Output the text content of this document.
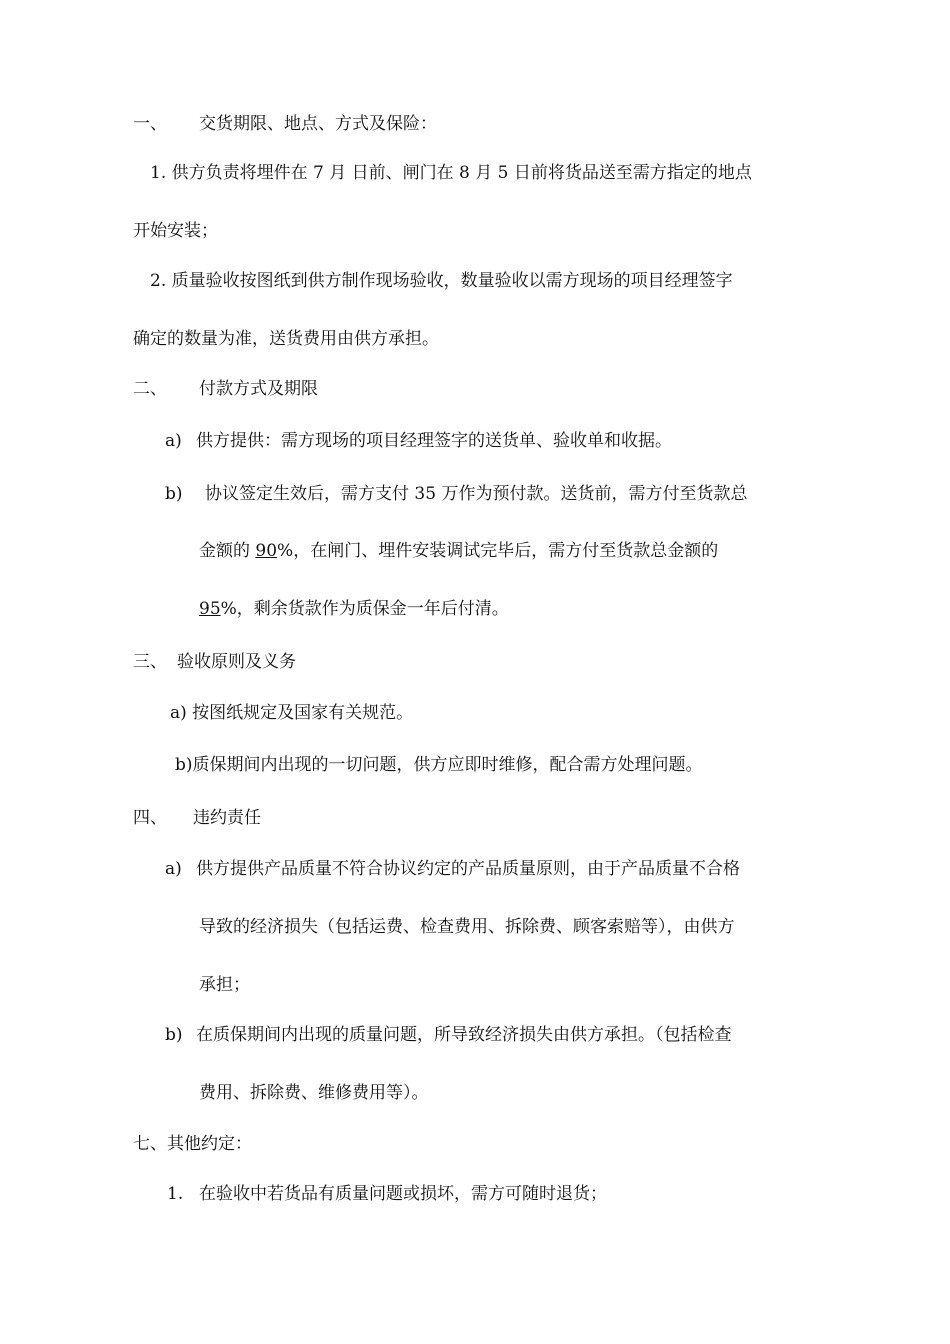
一、 交货期限、地点、方式及保险：
1. 供方负责将埋件在 7 月 日前、闸门在 8 月 5 日前将货品送至需方指定的地点
开始安装；
2. 质量验收按图纸到供方制作现场验收，数量验收以需方现场的项目经理签字
确定的数量为准，送货费用由供方承担。
二、 付款方式及期限
a) 供方提供：需方现场的项目经理签字的送货单、验收单和收据。
b) 协议签定生效后，需方支付 35 万作为预付款。送货前，需方付至货款总
金额的 90%，在闸门、埋件安装调试完毕后，需方付至货款总金额的
95%，剩余货款作为质保金一年后付清。
三、 验收原则及义务
a) 按图纸规定及国家有关规范。
b)质保期间内出现的一切问题，供方应即时维修，配合需方处理问题。
四、 违约责任
a) 供方提供产品质量不符合协议约定的产品质量原则，由于产品质量不合格
导致的经济损失（包括运费、检查费用、拆除费、顾客索赔等），由供方
承担；
b) 在质保期间内出现的质量问题，所导致经济损失由供方承担。（包括检查
费用、拆除费、维修费用等）。
七、其他约定：
1. 在验收中若货品有质量问题或损坏，需方可随时退货；
